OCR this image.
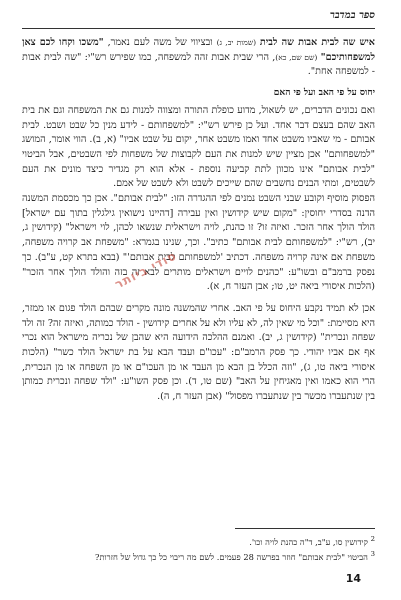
ספר במדבר

איש שה לבית אבות שה לבית (שמות יב, ג) ובציווי של משה לעם נאמר, "משכו וקחו לכם צאן למשפחותיכם" (שם שם, כא), הרי שבית אבות זהה למשפחה, כמו שפירש רש"י: "שה לבית אבות - למשפחה אחת".

יחוס על פי האב ועל פי האם

ואם נכונים הדברים, יש לשאול, מדוע כופלת התורה ומצווה למנות גם את המשפחה וגם את בית האב שהם בעצם דבר אחד. ועל כן פירש רש"י: "למשפחותם - לידע מנין כל שבט ושבט. לבית אבותם - מי שאביו משבט אחד ואמו משבט אחר, יקום על שבט אביו" (א, ב). הווי אומר, המושג "למשפחותם" אכן מציין שיש למנות את העם לקבוצות של משפחות לפי השבטים, אבל הביטוי "לבית אבותם" אינו מכוון לתת קביעה נוספת - אלא הוא רק מגדיר כיצד מונים את העם לשבטים, ומתי הבנים נחשבים שהם שייכים לשבט ולא לשבט של אמם.

הפסוק מוסיף וקובע שבני השבט נמנים לפי ההגדרה הזו: "לבית אבותם". אכן כך מכסמת המשנה הדנה בסדרי יחוסין: "מקום שיש קידושין ואין עבירה [דהיינו נישואין גילגלין בתוך עם ישראל] הולד הולך אחר הזכר. ואיזה זו? זו כהנת, לויה וישראלית שנשאו לכהן, לוי וישראל" (קידושין ג, יב), רש"י: "למשפחותם לבית אבותם" כתיב". וכך, שנינו בגמרא: "משפחת אב קרויה משפחה, משפחת אם אינה קרויה משפחה. דכתיב 'למשפחותם לבית אבותם'" (בבא בתרא קט, ע"ב). כך נפסק ברמב"ם ובשו"ע: "כהנים לויים וישראלים מותרים לבא זה בזה והולד הולך אחר הזכר" (הלכות איסורי ביאה יט, טו; אבן העזר ח, א).

אכן לא תמיד נקבע היחוס על פי האב. אחרי שהמשנה מונה מקרים שבהם הולד פגום או ממזר, היא מסיימת: "וכל מי שאין לה, לא עליו ולא על אחרים קידושין - הולד כמותה, ואיזה זה? זה ולד שפחה ונכרית" (קידושין ג, יב). ואמנם ההלכה הידועה היא שהבן של נכריה מישראל הוא נכרי אף אם אביו יהודי. כך פסק הרמב"ם: "עכו"ם ועבד הבא על בת ישראל הולד כשר" (הלכות איסורי ביאה טו, ג), "וזה הכלל בן הבא מן העבד או מן העכו"ם או מן השפחה או מן הנכרית, הרי הוא כאמו ואין מאגיחין על האב" (שם טו, ד). וכן פסק השו"ע: "ולד שפחה ונכרית כמותן בין שנתעברו מכשר בין שנתעברו מפסול" (אבן העזר ח, ה).

סודי ביותר

$^2$ קידושין סו, ע"ב, ד"ה כהנת לויה וכו'.

$^3$ הביטוי "לבית אבותם" חוזר בפרשה 28 פעמים. לשם מה ריבוי כל כך גדול של חזרות?

14
